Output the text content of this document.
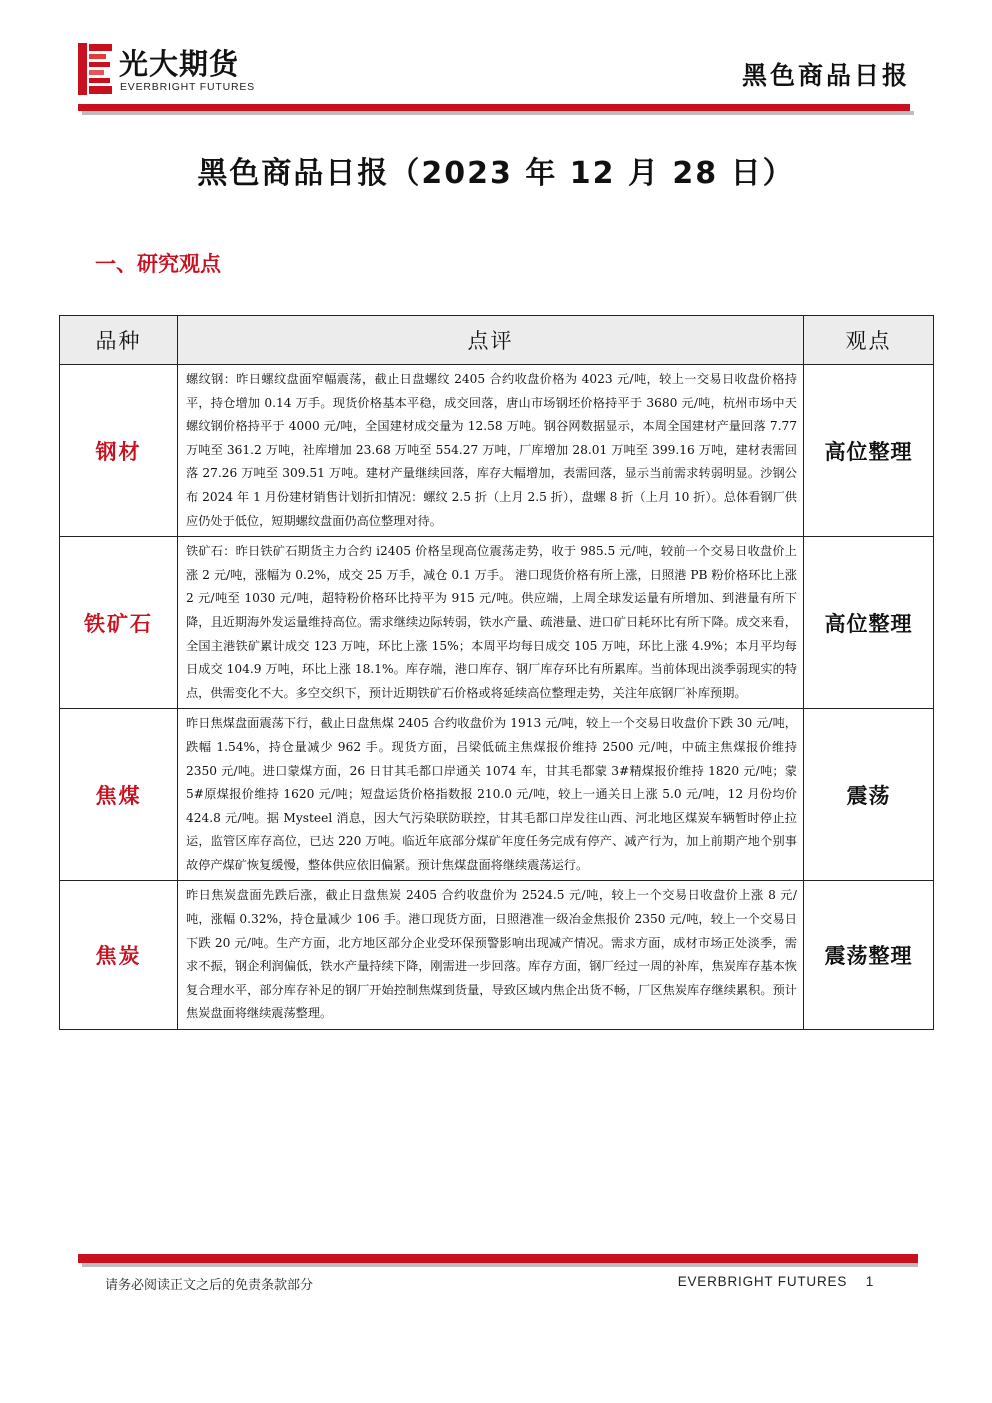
光大期货
EVERBRIGHT FUTURES	黑色商品日报
黑色商品日报（2023 年 12 月 28 日）
一、研究观点
品种	点评	观点
钢材	螺纹钢：昨日螺纹盘面窄幅震荡，截止日盘螺纹 2405 合约收盘价格为 4023 元/吨，较上一交易日收盘价格持平，持仓增加 0.14 万手。现货价格基本平稳，成交回落，唐山市场钢坯价格持平于 3680 元/吨，杭州市场中天螺纹钢价格持平于 4000 元/吨，全国建材成交量为 12.58 万吨。钢谷网数据显示，本周全国建材产量回落 7.77 万吨至 361.2 万吨，社库增加 23.68 万吨至 554.27 万吨，厂库增加 28.01 万吨至 399.16 万吨，建材表需回落 27.26 万吨至 309.51 万吨。建材产量继续回落，库存大幅增加，表需回落，显示当前需求转弱明显。沙钢公布 2024 年 1 月份建材销售计划折扣情况：螺纹 2.5 折（上月 2.5 折），盘螺 8 折（上月 10 折）。总体看钢厂供应仍处于低位，短期螺纹盘面仍高位整理对待。	高位整理
铁矿石	铁矿石：昨日铁矿石期货主力合约 i2405 价格呈现高位震荡走势，收于 985.5 元/吨，较前一个交易日收盘价上涨 2 元/吨，涨幅为 0.2%，成交 25 万手，减仓 0.1 万手。 港口现货价格有所上涨，日照港 PB 粉价格环比上涨 2 元/吨至 1030 元/吨，超特粉价格环比持平为 915 元/吨。供应端，上周全球发运量有所增加、到港量有所下降，且近期海外发运量维持高位。需求继续边际转弱，铁水产量、疏港量、进口矿日耗环比有所下降。成交来看，全国主港铁矿累计成交 123 万吨，环比上涨 15%；本周平均每日成交 105 万吨，环比上涨 4.9%；本月平均每日成交 104.9 万吨，环比上涨 18.1%。库存端，港口库存、钢厂库存环比有所累库。当前体现出淡季弱现实的特点，供需变化不大。多空交织下，预计近期铁矿石价格或将延续高位整理走势，关注年底钢厂补库预期。	高位整理
焦煤	昨日焦煤盘面震荡下行，截止日盘焦煤 2405 合约收盘价为 1913 元/吨，较上一个交易日收盘价下跌 30 元/吨，跌幅 1.54%，持仓量减少 962 手。现货方面，吕梁低硫主焦煤报价维持 2500 元/吨，中硫主焦煤报价维持 2350 元/吨。进口蒙煤方面，26 日甘其毛都口岸通关 1074 车，甘其毛都蒙 3#精煤报价维持 1820 元/吨；蒙 5#原煤报价维持 1620 元/吨；短盘运货价格指数报 210.0 元/吨，较上一通关日上涨 5.0 元/吨，12 月份均价 424.8 元/吨。据 Mysteel 消息，因大气污染联防联控，甘其毛都口岸发往山西、河北地区煤炭车辆暂时停止拉运，监管区库存高位，已达 220 万吨。临近年底部分煤矿年度任务完成有停产、减产行为，加上前期产地个别事故停产煤矿恢复缓慢，整体供应依旧偏紧。预计焦煤盘面将继续震荡运行。	震荡
焦炭	昨日焦炭盘面先跌后涨，截止日盘焦炭 2405 合约收盘价为 2524.5 元/吨，较上一个交易日收盘价上涨 8 元/吨，涨幅 0.32%，持仓量减少 106 手。港口现货方面，日照港准一级冶金焦报价 2350 元/吨，较上一个交易日下跌 20 元/吨。生产方面，北方地区部分企业受环保预警影响出现减产情况。需求方面，成材市场正处淡季，需求不振，钢企利润偏低，铁水产量持续下降，刚需进一步回落。库存方面，钢厂经过一周的补库，焦炭库存基本恢复合理水平，部分库存补足的钢厂开始控制焦煤到货量，导致区域内焦企出货不畅，厂区焦炭库存继续累积。预计焦炭盘面将继续震荡整理。	震荡整理
请务必阅读正文之后的免责条款部分	EVERBRIGHT FUTURES 1
